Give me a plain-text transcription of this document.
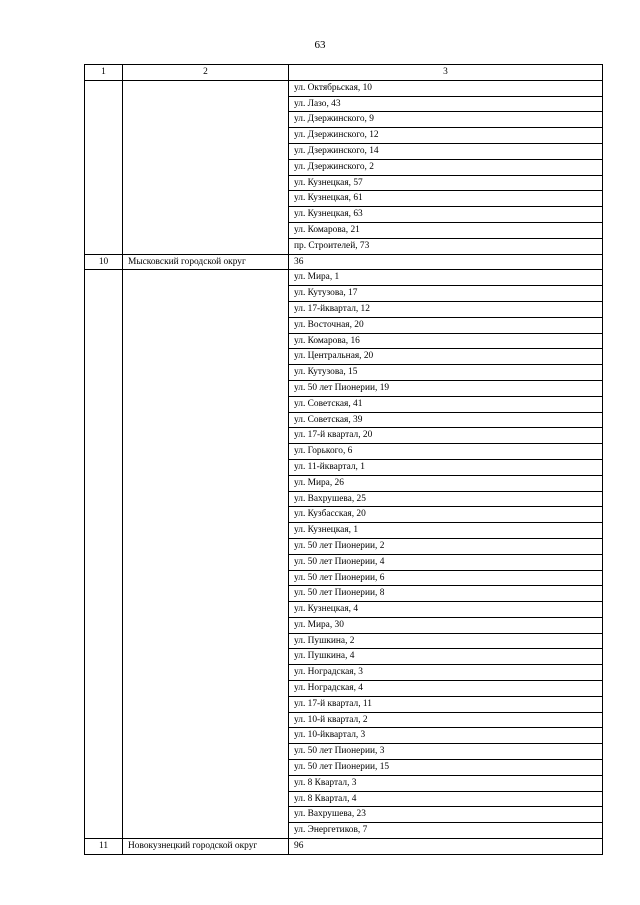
63
1	2	3
		ул. Октябрьская, 10
		ул. Лазо, 43
		ул. Дзержинского, 9
		ул. Дзержинского, 12
		ул. Дзержинского, 14
		ул. Дзержинского, 2
		ул. Кузнецкая, 57
		ул. Кузнецкая, 61
		ул. Кузнецкая, 63
		ул. Комарова, 21
		пр. Строителей, 73
10	Мысковский городской округ	36
		ул. Мира, 1
		ул. Кутузова, 17
		ул. 17-йквартал, 12
		ул. Восточная, 20
		ул. Комарова, 16
		ул. Центральная, 20
		ул. Кутузова, 15
		ул. 50 лет Пионерии, 19
		ул. Советская, 41
		ул. Советская, 39
		ул. 17-й квартал, 20
		ул. Горького, 6
		ул. 11-йквартал, 1
		ул. Мира, 26
		ул. Вахрушева, 25
		ул. Кузбасская, 20
		ул. Кузнецкая, 1
		ул. 50 лет Пионерии, 2
		ул. 50 лет Пионерии, 4
		ул. 50 лет Пионерии, 6
		ул. 50 лет Пионерии, 8
		ул. Кузнецкая, 4
		ул. Мира, 30
		ул. Пушкина, 2
		ул. Пушкина, 4
		ул. Ноградская, 3
		ул. Ноградская, 4
		ул. 17-й квартал, 11
		ул. 10-й квартал, 2
		ул. 10-йквартал, 3
		ул. 50 лет Пионерии, 3
		ул. 50 лет Пионерии, 15
		ул. 8 Квартал, 3
		ул. 8 Квартал, 4
		ул. Вахрушева, 23
		ул. Энергетиков, 7
11	Новокузнецкий городской округ	96
